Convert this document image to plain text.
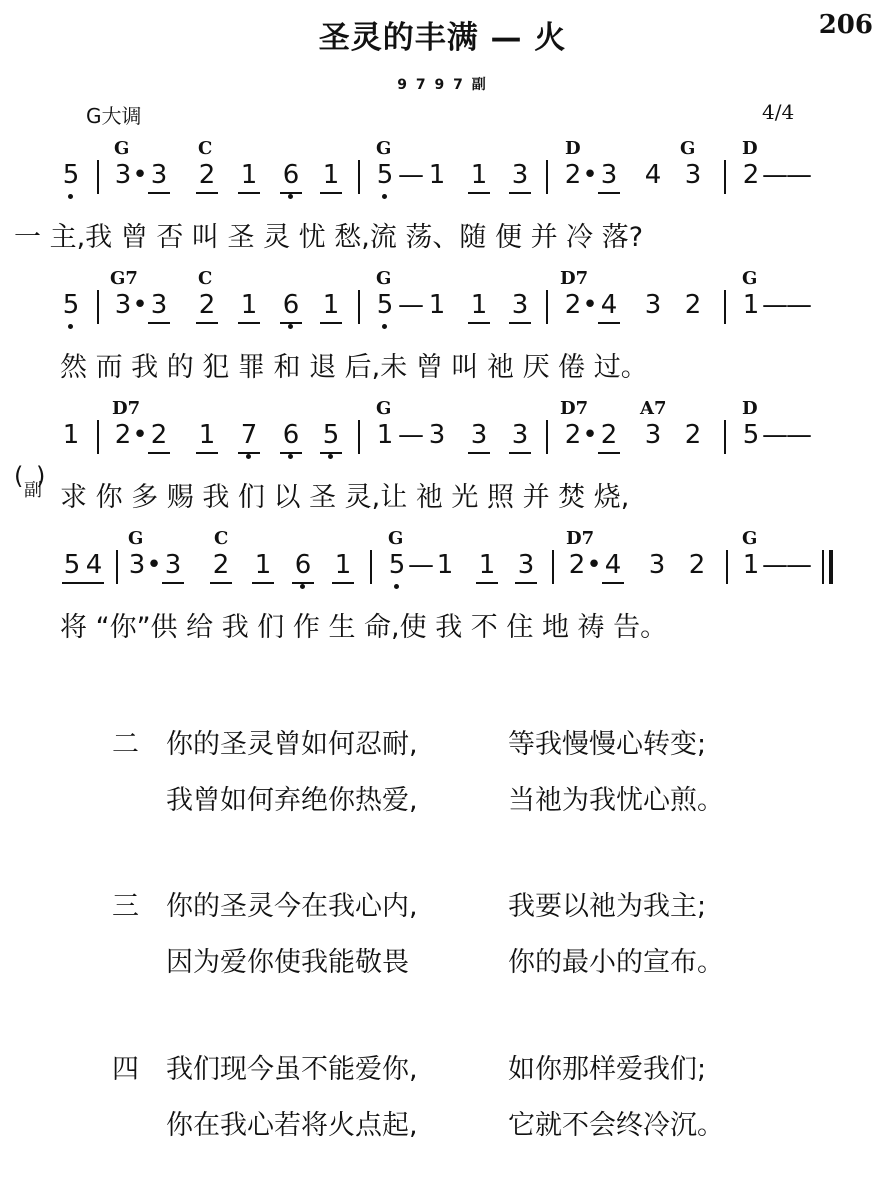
圣灵的丰满 — 火	206
9 7 9 7 副
G大调	4/4
G	C	G	D	G	D
5 3 • 3 2 1 6 1 5 — 1 1 3 2 • 3 4 3 2 —
—
一 主,我 曾 否 叫 圣 灵 忧 愁,流 荡、随 便 并 冷 落?
G7	C	G	D7	G
5 3 • 3 2 1 6 1 5 — 1 1 3 2 • 4 3 2 1 —
—
然 而 我 的 犯 罪 和 退 后,未 曾 叫 祂 厌 倦 过。
D7	G	D7	A7	D
1 2 • 2 1 7 6 5 1 — 3 3 3 2 • 2 3 2 5 —
—
(
副
)
求 你 多 赐 我 们 以 圣 灵,让 祂 光 照 并 焚 烧,
G	C	G	D7	G
5 4 3 • 3 2 1 6 1 5 — 1 1 3 2 • 4 3 2 1 —
—
将 “你”供 给 我 们 作 生 命,使 我 不 住 地 祷 告。
二 你的圣灵曾如何忍耐,	等我慢慢心转变;
我曾如何弃绝你热爱,	当祂为我忧心煎。
三 你的圣灵今在我心内,	我要以祂为我主;
因为爱你使我能敬畏	你的最小的宣布。
四 我们现今虽不能爱你,	如你那样爱我们;
你在我心若将火点起,	它就不会终冷沉。
